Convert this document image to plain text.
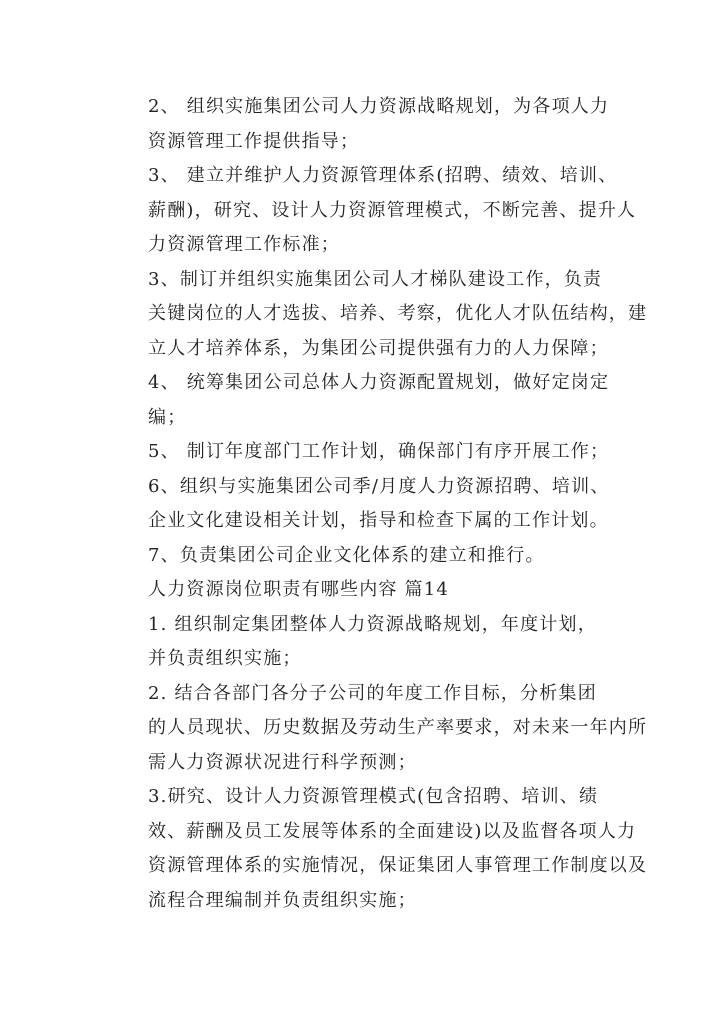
2、 组织实施集团公司人力资源战略规划，为各项人力
资源管理工作提供指导；
3、 建立并维护人力资源管理体系(招聘、绩效、培训、
薪酬)，研究、设计人力资源管理模式，不断完善、提升人
力资源管理工作标准；
3、制订并组织实施集团公司人才梯队建设工作，负责
关键岗位的人才选拔、培养、考察，优化人才队伍结构，建
立人才培养体系，为集团公司提供强有力的人力保障；
4、 统筹集团公司总体人力资源配置规划，做好定岗定
编；
5、 制订年度部门工作计划，确保部门有序开展工作；
6、组织与实施集团公司季/月度人力资源招聘、培训、
企业文化建设相关计划，指导和检查下属的工作计划。
7、负责集团公司企业文化体系的建立和推行。
人力资源岗位职责有哪些内容 篇14
1. 组织制定集团整体人力资源战略规划，年度计划，
并负责组织实施；
2. 结合各部门各分子公司的年度工作目标，分析集团
的人员现状、历史数据及劳动生产率要求，对未来一年内所
需人力资源状况进行科学预测；
3.研究、设计人力资源管理模式(包含招聘、培训、绩
效、薪酬及员工发展等体系的全面建设)以及监督各项人力
资源管理体系的实施情况，保证集团人事管理工作制度以及
流程合理编制并负责组织实施；
